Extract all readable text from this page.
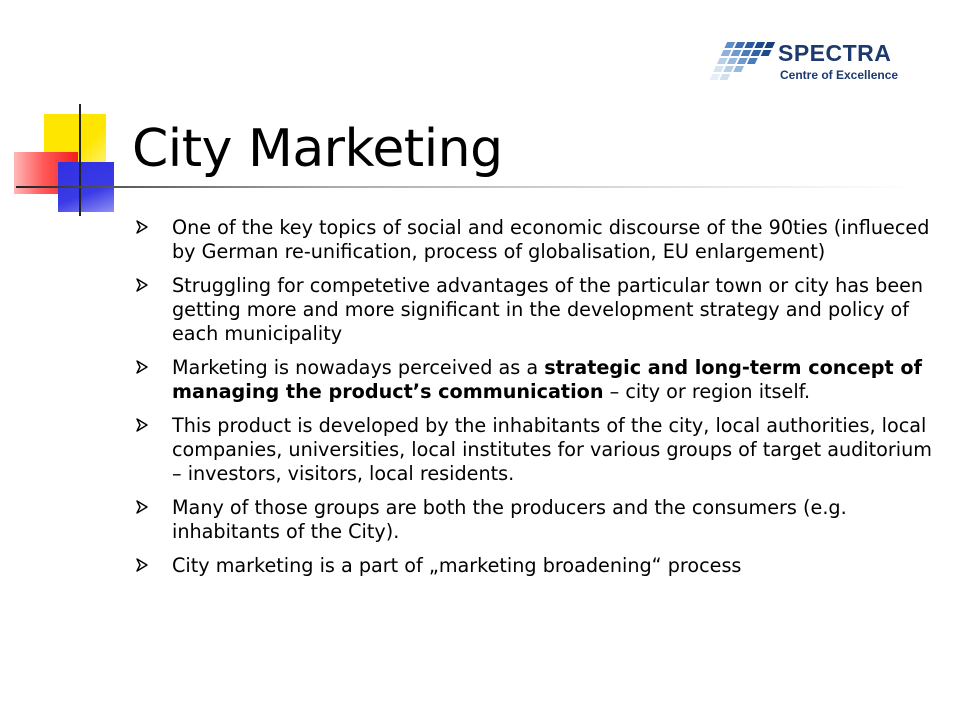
SPECTRA
Centre of Excellence
City Marketing
One of the key topics of social and economic discourse of the 90ties (influeced by German re-unification, process of globalisation, EU enlargement)
Struggling for competetive advantages of the particular town or city has been getting more and more significant in the development strategy and policy of each municipality
Marketing is nowadays perceived as a strategic and long-term concept of managing the product’s communication – city or region itself.
This product is developed by the inhabitants of the city, local authorities, local companies, universities, local institutes for various groups of target auditorium – investors, visitors, local residents.
Many of those groups are both the producers and the consumers (e.g. inhabitants of the City).
City marketing is a part of „marketing broadening“ process
